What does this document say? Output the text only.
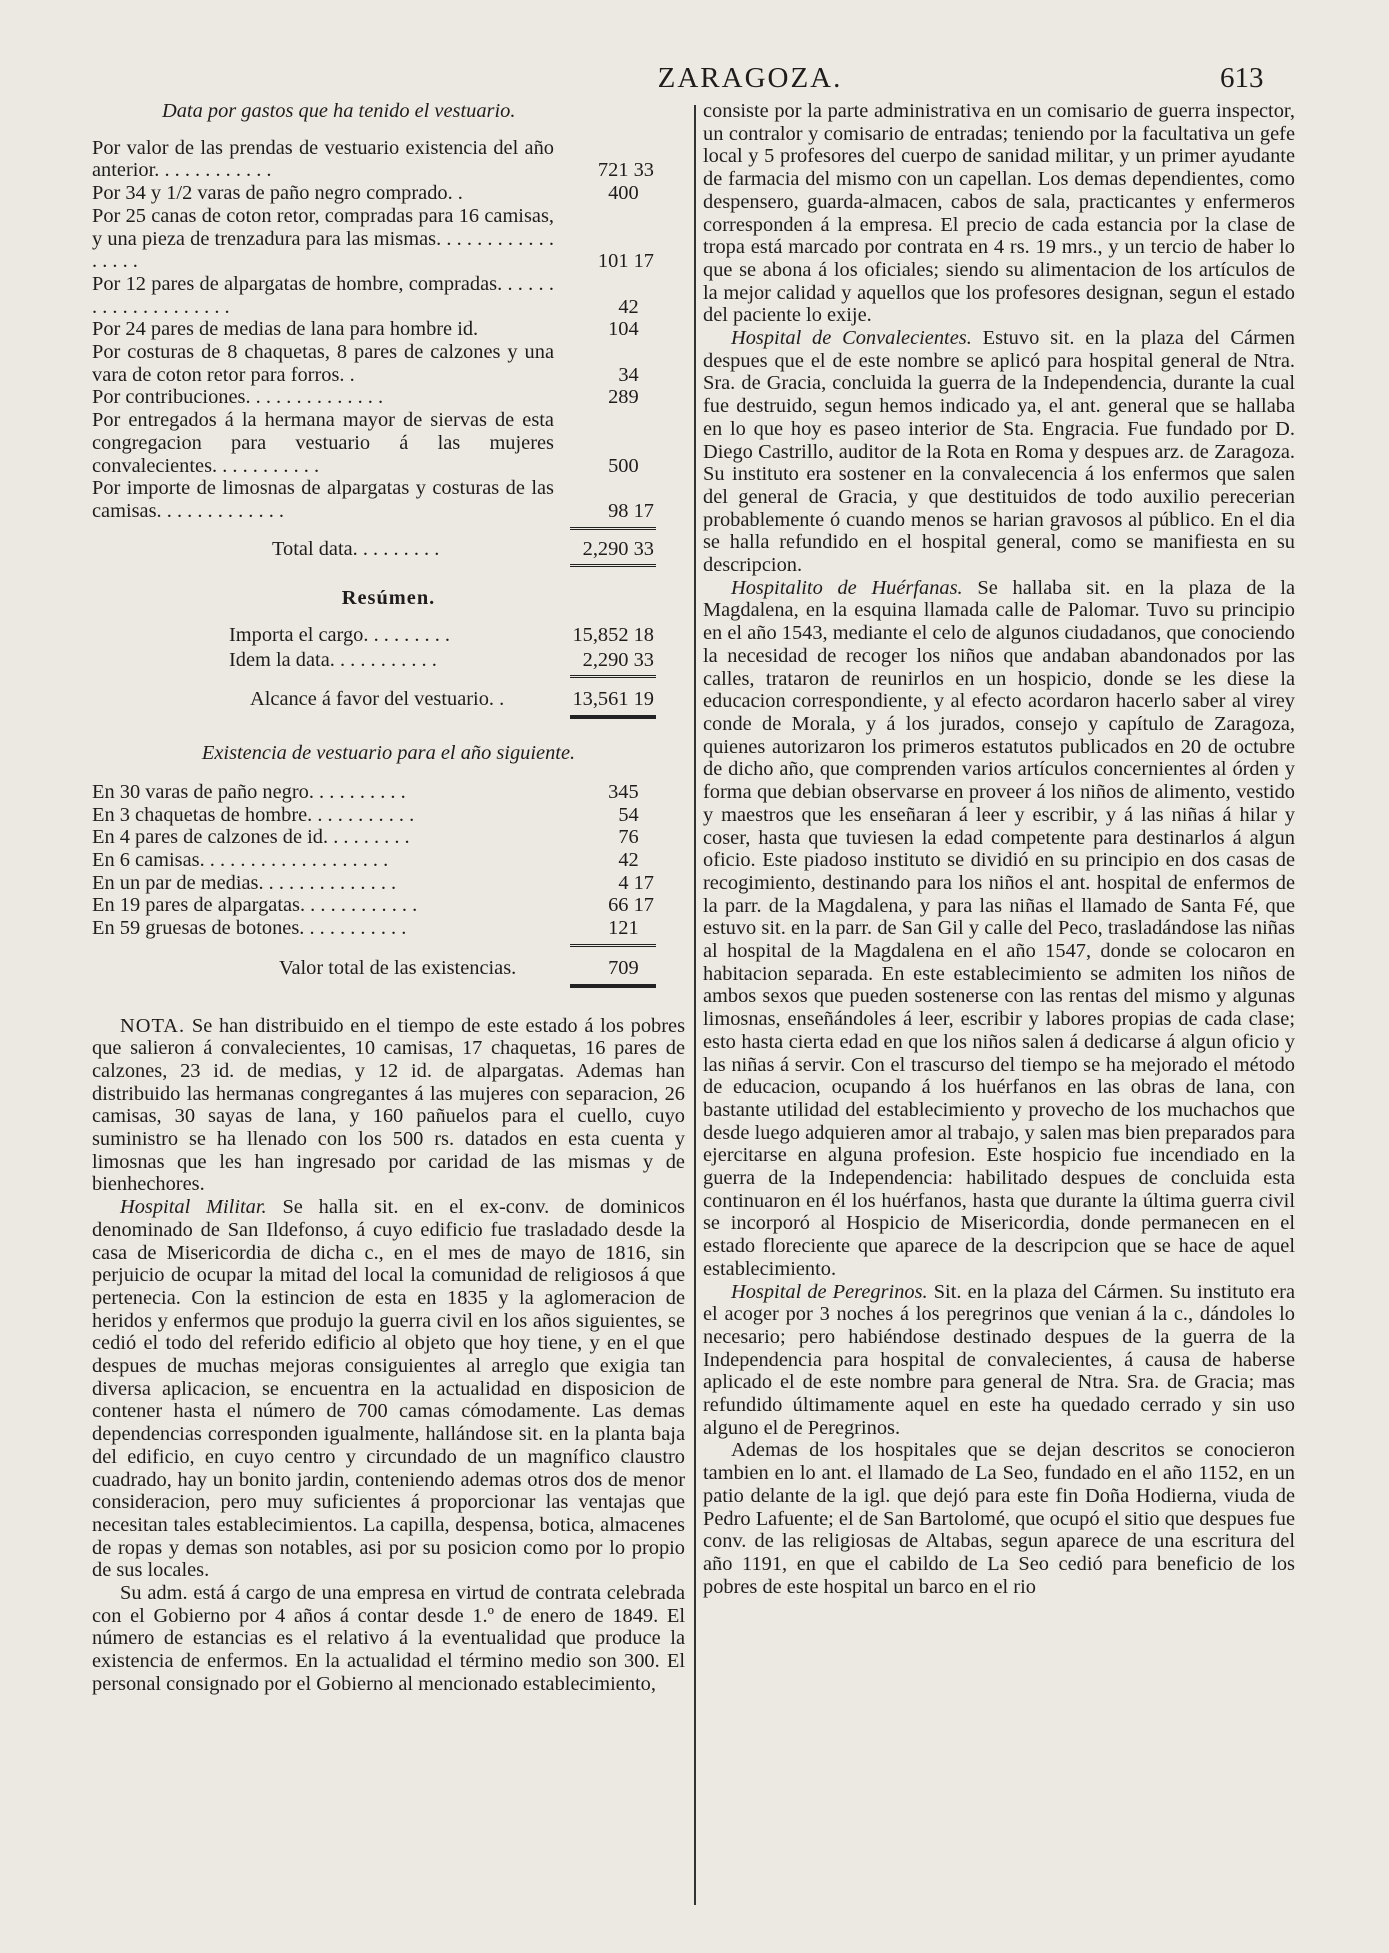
ZARAGOZA.	613
Data por gastos que ha tenido el vestuario.
Por valor de las prendas de vestuario existencia del año anterior. . . . . . . . . . . .	721 33
Por 34 y 1/2 varas de paño negro comprado. .	400
Por 25 canas de coton retor, compradas para 16 camisas, y una pieza de trenzadura para las mismas. . . . . . . . . . . . . . . . .	101 17
Por 12 pares de alpargatas de hombre, compradas. . . . . . . . . . . . . . . . . . . .	42
Por 24 pares de medias de lana para hombre id.	104
Por costuras de 8 chaquetas, 8 pares de calzones y una vara de coton retor para forros. .	34
Por contribuciones. . . . . . . . . . . . . .	289
Por entregados á la hermana mayor de siervas de esta congregacion para vestuario á las mujeres convalecientes. . . . . . . . . . .	500
Por importe de limosnas de alpargatas y costuras de las camisas. . . . . . . . . . . . .	98 17
Total data. . . . . . . . .	2,290 33
Resúmen.
Importa el cargo. . . . . . . . .	15,852 18
Idem la data. . . . . . . . . . .	2,290 33
Alcance á favor del vestuario. .	13,561 19
Existencia de vestuario para el año siguiente.
En 30 varas de paño negro. . . . . . . . . .	345
En 3 chaquetas de hombre. . . . . . . . . . .	54
En 4 pares de calzones de id. . . . . . . . .	76
En 6 camisas. . . . . . . . . . . . . . . . . . .	42
En un par de medias. . . . . . . . . . . . . .	4 17
En 19 pares de alpargatas. . . . . . . . . . . .	66 17
En 59 gruesas de botones. . . . . . . . . . .	121
Valor total de las existencias.	709

NOTA. Se han distribuido en el tiempo de este estado á los pobres que salieron á convalecientes, 10 camisas, 17 chaquetas, 16 pares de calzones, 23 id. de medias, y 12 id. de alpargatas. Ademas han distribuido las hermanas congregantes á las mujeres con separacion, 26 camisas, 30 sayas de lana, y 160 pañuelos para el cuello, cuyo suministro se ha llenado con los 500 rs. datados en esta cuenta y limosnas que les han ingresado por caridad de las mismas y de bienhechores.

Hospital Militar. Se halla sit. en el ex-conv. de dominicos denominado de San Ildefonso, á cuyo edificio fue trasladado desde la casa de Misericordia de dicha c., en el mes de mayo de 1816, sin perjuicio de ocupar la mitad del local la comunidad de religiosos á que pertenecia. Con la estincion de esta en 1835 y la aglomeracion de heridos y enfermos que produjo la guerra civil en los años siguientes, se cedió el todo del referido edificio al objeto que hoy tiene, y en el que despues de muchas mejoras consiguientes al arreglo que exigia tan diversa aplicacion, se encuentra en la actualidad en disposicion de contener hasta el número de 700 camas cómodamente. Las demas dependencias corresponden igualmente, hallándose sit. en la planta baja del edificio, en cuyo centro y circundado de un magnífico claustro cuadrado, hay un bonito jardin, conteniendo ademas otros dos de menor consideracion, pero muy suficientes á proporcionar las ventajas que necesitan tales establecimientos. La capilla, despensa, botica, almacenes de ropas y demas son notables, asi por su posicion como por lo propio de sus locales.

Su adm. está á cargo de una empresa en virtud de contrata celebrada con el Gobierno por 4 años á contar desde 1.º de enero de 1849. El número de estancias es el relativo á la eventualidad que produce la existencia de enfermos. En la actualidad el término medio son 300. El personal consignado por el Gobierno al mencionado establecimiento,

consiste por la parte administrativa en un comisario de guerra inspector, un contralor y comisario de entradas; teniendo por la facultativa un gefe local y 5 profesores del cuerpo de sanidad militar, y un primer ayudante de farmacia del mismo con un capellan. Los demas dependientes, como despensero, guarda-almacen, cabos de sala, practicantes y enfermeros corresponden á la empresa. El precio de cada estancia por la clase de tropa está marcado por contrata en 4 rs. 19 mrs., y un tercio de haber lo que se abona á los oficiales; siendo su alimentacion de los artículos de la mejor calidad y aquellos que los profesores designan, segun el estado del paciente lo exije.

Hospital de Convalecientes. Estuvo sit. en la plaza del Cármen despues que el de este nombre se aplicó para hospital general de Ntra. Sra. de Gracia, concluida la guerra de la Independencia, durante la cual fue destruido, segun hemos indicado ya, el ant. general que se hallaba en lo que hoy es paseo interior de Sta. Engracia. Fue fundado por D. Diego Castrillo, auditor de la Rota en Roma y despues arz. de Zaragoza. Su instituto era sostener en la convalecencia á los enfermos que salen del general de Gracia, y que destituidos de todo auxilio perecerian probablemente ó cuando menos se harian gravosos al público. En el dia se halla refundido en el hospital general, como se manifiesta en su descripcion.

Hospitalito de Huérfanas. Se hallaba sit. en la plaza de la Magdalena, en la esquina llamada calle de Palomar. Tuvo su principio en el año 1543, mediante el celo de algunos ciudadanos, que conociendo la necesidad de recoger los niños que andaban abandonados por las calles, trataron de reunirlos en un hospicio, donde se les diese la educacion correspondiente, y al efecto acordaron hacerlo saber al virey conde de Morala, y á los jurados, consejo y capítulo de Zaragoza, quienes autorizaron los primeros estatutos publicados en 20 de octubre de dicho año, que comprenden varios artículos concernientes al órden y forma que debian observarse en proveer á los niños de alimento, vestido y maestros que les enseñaran á leer y escribir, y á las niñas á hilar y coser, hasta que tuviesen la edad competente para destinarlos á algun oficio. Este piadoso instituto se dividió en su principio en dos casas de recogimiento, destinando para los niños el ant. hospital de enfermos de la parr. de la Magdalena, y para las niñas el llamado de Santa Fé, que estuvo sit. en la parr. de San Gil y calle del Peco, trasladándose las niñas al hospital de la Magdalena en el año 1547, donde se colocaron en habitacion separada. En este establecimiento se admiten los niños de ambos sexos que pueden sostenerse con las rentas del mismo y algunas limosnas, enseñándoles á leer, escribir y labores propias de cada clase; esto hasta cierta edad en que los niños salen á dedicarse á algun oficio y las niñas á servir. Con el trascurso del tiempo se ha mejorado el método de educacion, ocupando á los huérfanos en las obras de lana, con bastante utilidad del establecimiento y provecho de los muchachos que desde luego adquieren amor al trabajo, y salen mas bien preparados para ejercitarse en alguna profesion. Este hospicio fue incendiado en la guerra de la Independencia: habilitado despues de concluida esta continuaron en él los huérfanos, hasta que durante la última guerra civil se incorporó al Hospicio de Misericordia, donde permanecen en el estado floreciente que aparece de la descripcion que se hace de aquel establecimiento.

Hospital de Peregrinos. Sit. en la plaza del Cármen. Su instituto era el acoger por 3 noches á los peregrinos que venian á la c., dándoles lo necesario; pero habiéndose destinado despues de la guerra de la Independencia para hospital de convalecientes, á causa de haberse aplicado el de este nombre para general de Ntra. Sra. de Gracia; mas refundido últimamente aquel en este ha quedado cerrado y sin uso alguno el de Peregrinos.

Ademas de los hospitales que se dejan descritos se conocieron tambien en lo ant. el llamado de La Seo, fundado en el año 1152, en un patio delante de la igl. que dejó para este fin Doña Hodierna, viuda de Pedro Lafuente; el de San Bartolomé, que ocupó el sitio que despues fue conv. de las religiosas de Altabas, segun aparece de una escritura del año 1191, en que el cabildo de La Seo cedió para beneficio de los pobres de este hospital un barco en el rio
